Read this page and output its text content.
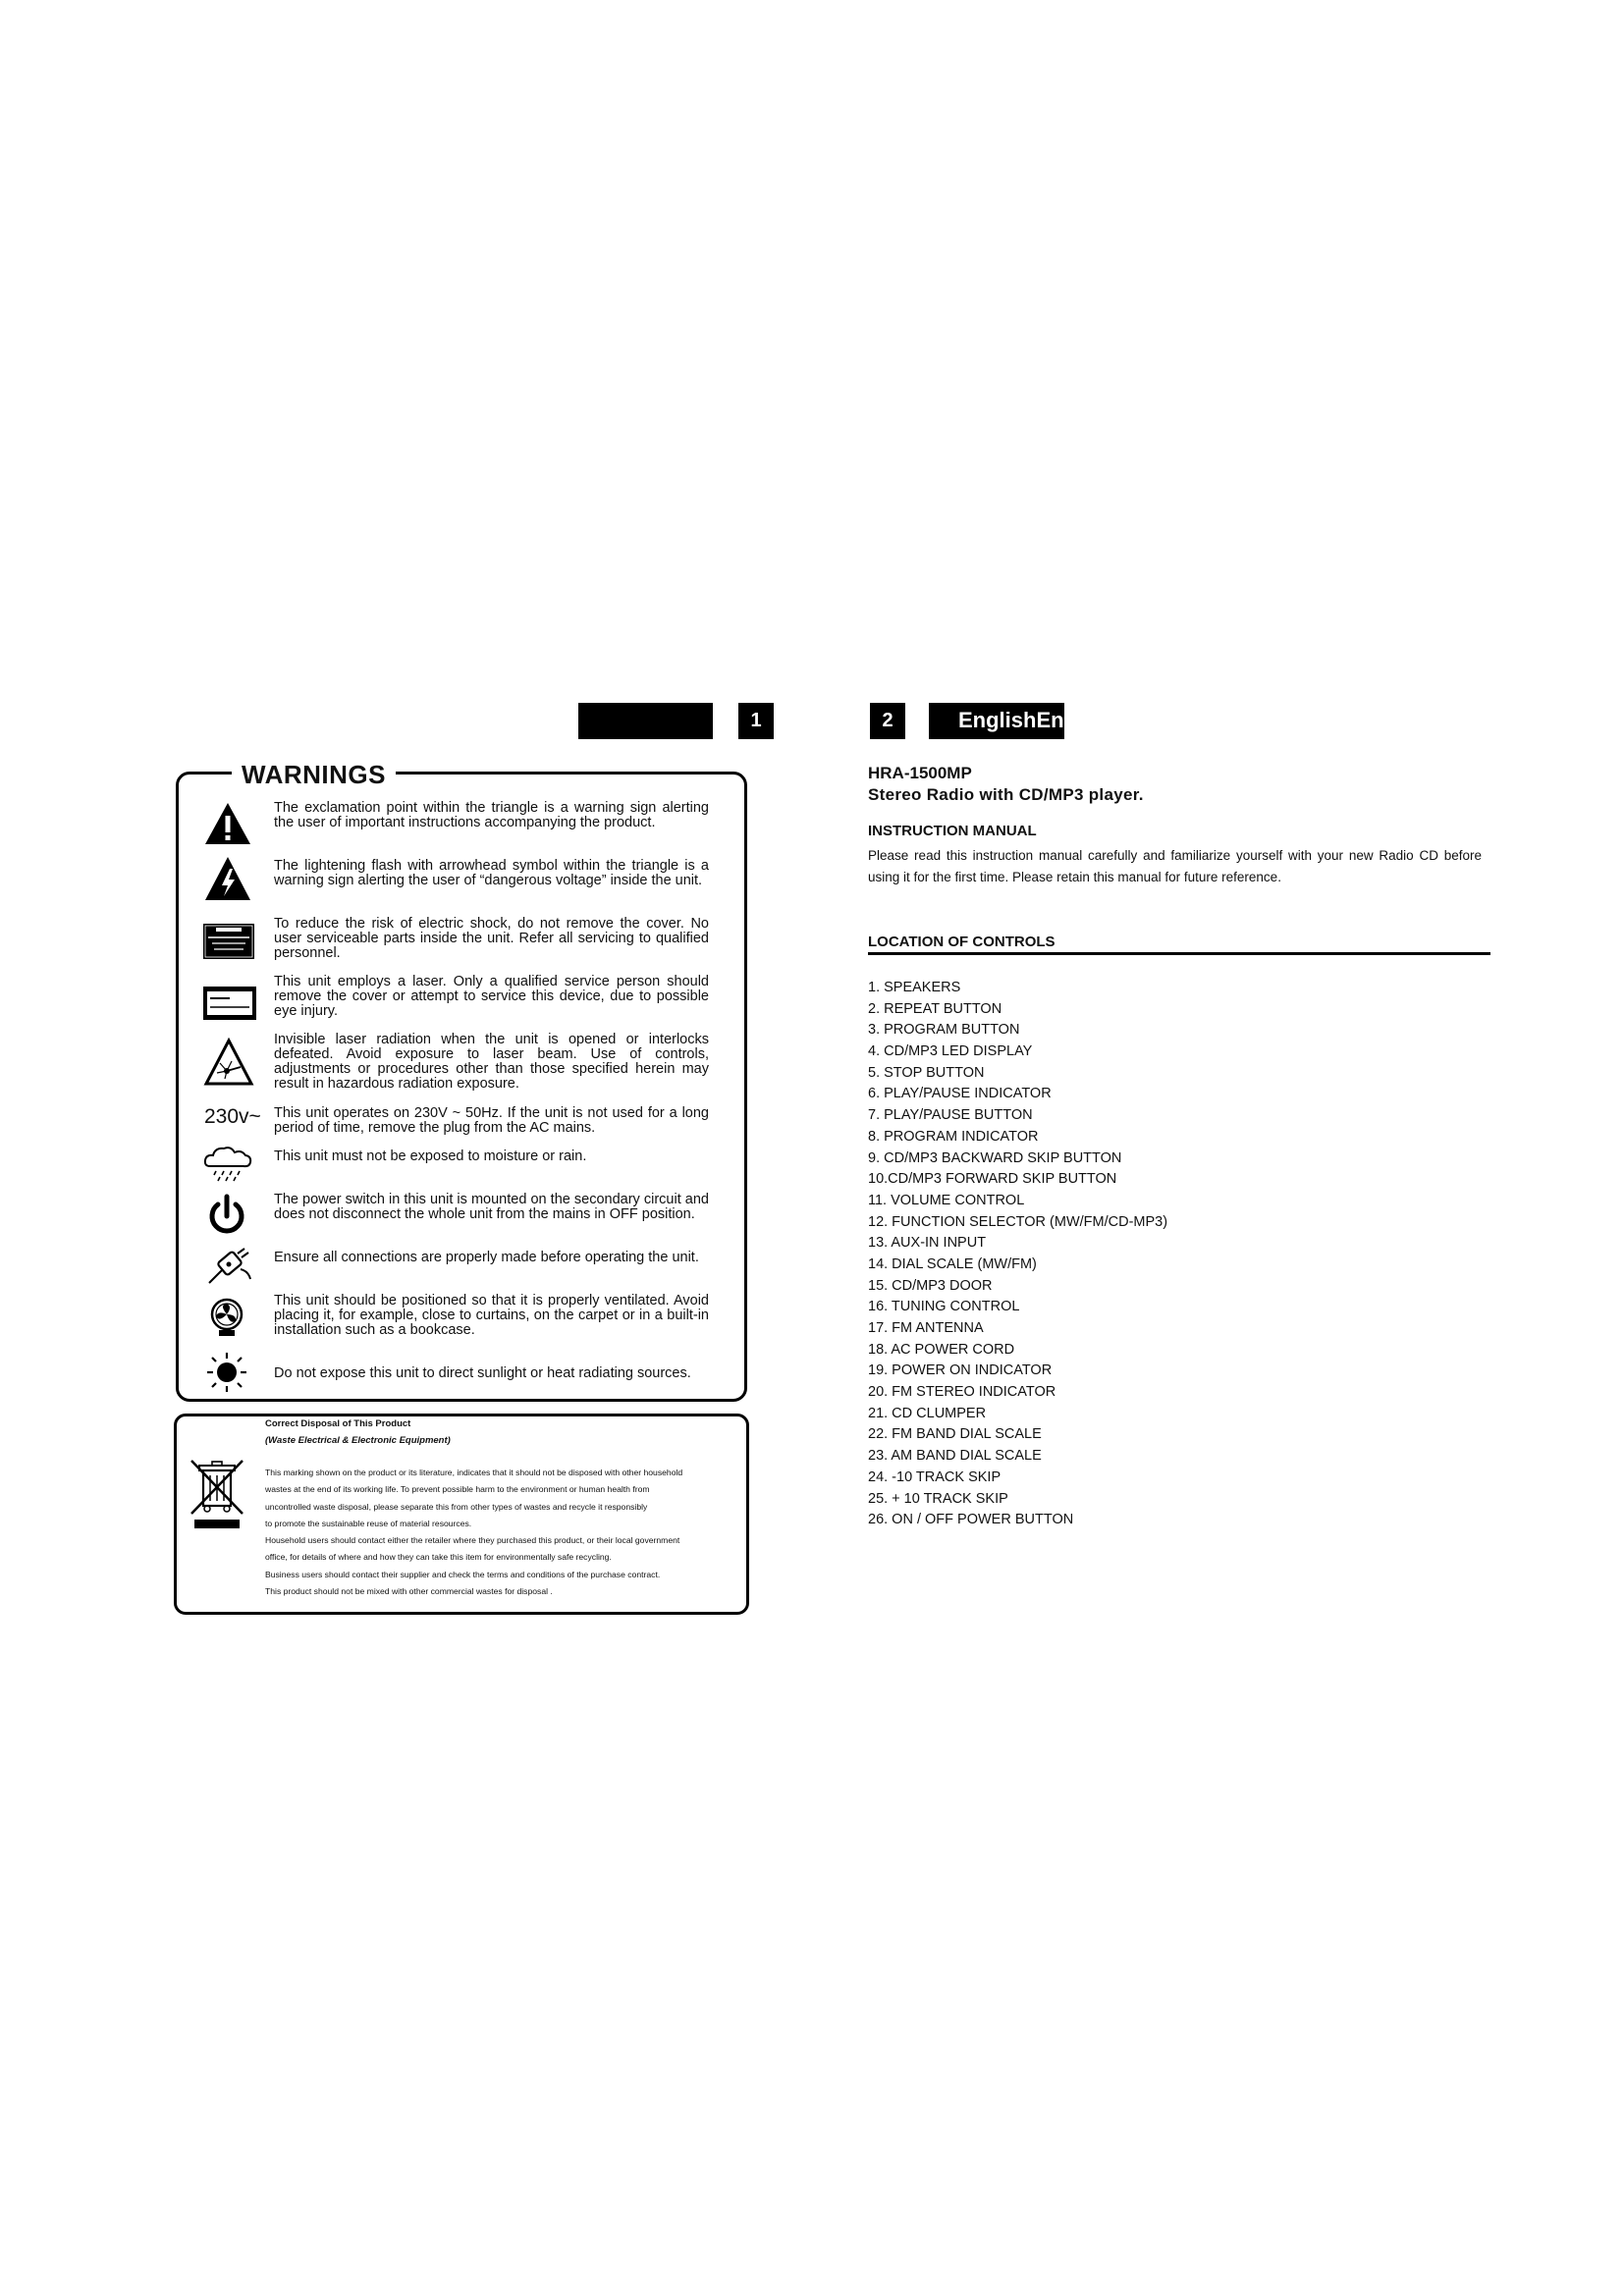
1	2	EnglishEnglish
WARNINGS
230v~
The exclamation point within the triangle is a warning sign alerting the user of important instructions accompanying the product.
The lightening flash with arrowhead symbol within the triangle is a warning sign alerting the user of “dangerous voltage” inside the unit.
To reduce the risk of electric shock, do not remove the cover. No user serviceable parts inside the unit. Refer all servicing to qualified personnel.
This unit employs a laser. Only a qualified service person should remove the cover or attempt to service this device, due to possible eye injury.
Invisible laser radiation when the unit is opened or interlocks defeated. Avoid exposure to laser beam. Use of controls, adjustments or procedures other than those specified herein may result in hazardous radiation exposure.
This unit operates on 230V ~ 50Hz. If the unit is not used for a long period of time, remove the plug from the AC mains.
This unit must not be exposed to moisture or rain.
The power switch in this unit is mounted on the secondary circuit and does not disconnect the whole unit from the mains in OFF position.
Ensure all connections are properly made before operating the unit.
This unit should be positioned so that it is properly ventilated. Avoid placing it, for example, close to curtains, on the carpet or in a built-in installation such as a bookcase.
Do not expose this unit to direct sunlight or heat radiating sources.
Correct Disposal of This Product
(Waste Electrical & Electronic Equipment)

This marking shown on the product or its literature, indicates that it should not be disposed with other household

wastes at the end of its working life. To prevent possible harm to the environment or human health from

uncontrolled waste disposal, please separate this from other types of wastes and recycle it responsibly

to promote the sustainable reuse of material resources.

Household users should contact either the retailer where they purchased this product, or their local government

office, for details of where and how they can take this item for environmentally safe recycling.

Business users should contact their supplier and check the terms and conditions of the purchase contract.

This product should not be mixed with other commercial wastes for disposal .

HRA-1500MP
Stereo Radio with CD/MP3 player.
INSTRUCTION MANUAL
Please read this instruction manual carefully and familiarize yourself with your new Radio CD before using it for the first time. Please retain this manual for future reference.
LOCATION OF CONTROLS
1. SPEAKERS
2. REPEAT BUTTON
3. PROGRAM BUTTON
4. CD/MP3 LED DISPLAY
5. STOP BUTTON
6. PLAY/PAUSE INDICATOR
7. PLAY/PAUSE BUTTON
8. PROGRAM INDICATOR
9. CD/MP3 BACKWARD SKIP BUTTON
10.CD/MP3 FORWARD SKIP BUTTON
11. VOLUME CONTROL
12. FUNCTION SELECTOR (MW/FM/CD-MP3)
13. AUX-IN INPUT
14. DIAL SCALE (MW/FM)
15. CD/MP3 DOOR
16. TUNING CONTROL
17. FM ANTENNA
18. AC POWER CORD
19. POWER ON INDICATOR
20. FM STEREO INDICATOR
21. CD CLUMPER
22. FM BAND DIAL SCALE
23. AM BAND DIAL SCALE
24. -10 TRACK SKIP
25. + 10 TRACK SKIP
26. ON / OFF POWER BUTTON
